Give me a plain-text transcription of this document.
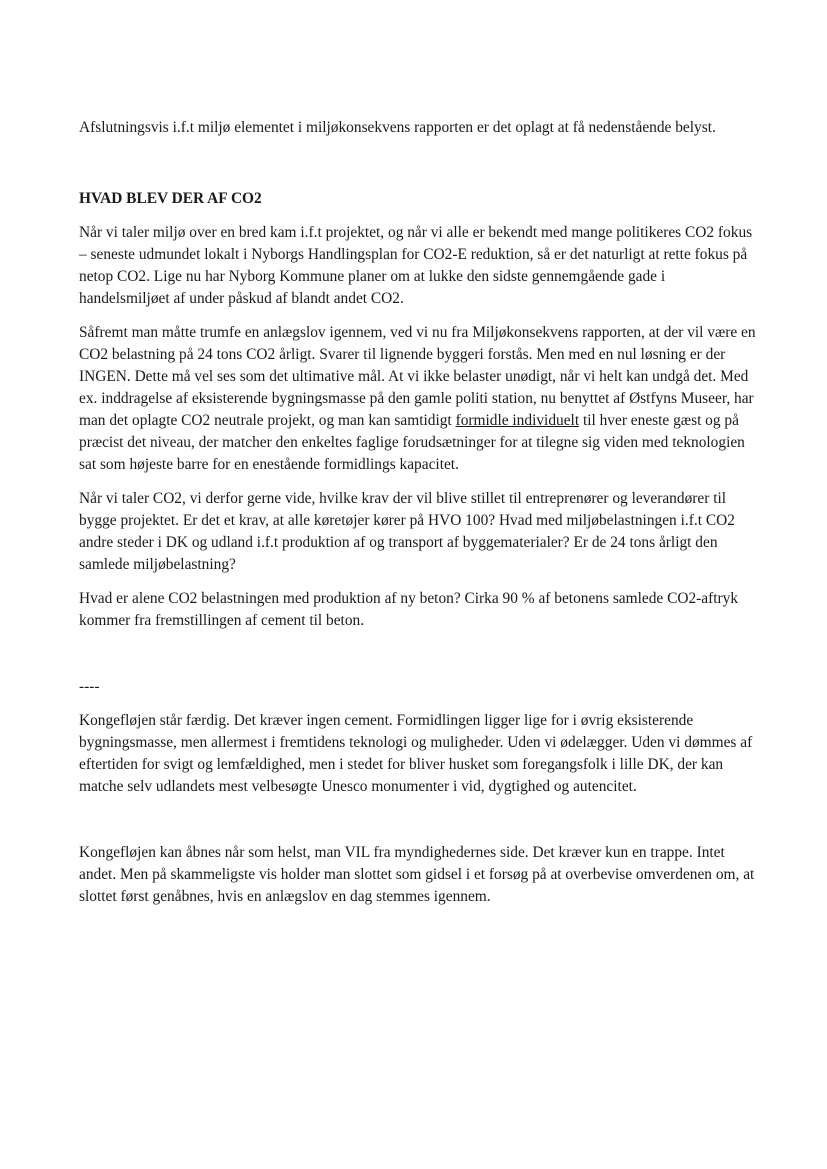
Afslutningsvis i.f.t miljø elementet i miljøkonsekvens rapporten er det oplagt at få nedenstående belyst.

HVAD BLEV DER AF CO2

Når vi taler miljø over en bred kam i.f.t projektet, og når vi alle er bekendt med mange politikeres CO2 fokus – seneste udmundet lokalt i Nyborgs Handlingsplan for CO2-E reduktion, så er det naturligt at rette fokus på netop CO2. Lige nu har Nyborg Kommune planer om at lukke den sidste gennemgående gade i handelsmiljøet af under påskud af blandt andet CO2.

Såfremt man måtte trumfe en anlægslov igennem, ved vi nu fra Miljøkonsekvens rapporten, at der vil være en CO2 belastning på 24 tons CO2 årligt. Svarer til lignende byggeri forstås. Men med en nul løsning er der INGEN. Dette må vel ses som det ultimative mål. At vi ikke belaster unødigt, når vi helt kan undgå det. Med ex. inddragelse af eksisterende bygningsmasse på den gamle politi station, nu benyttet af Østfyns Museer, har man det oplagte CO2 neutrale projekt, og man kan samtidigt formidle individuelt til hver eneste gæst og på præcist det niveau, der matcher den enkeltes faglige forudsætninger for at tilegne sig viden med teknologien sat som højeste barre for en enestående formidlings kapacitet.

Når vi taler CO2, vi derfor gerne vide, hvilke krav der vil blive stillet til entreprenører og leverandører til bygge projektet. Er det et krav, at alle køretøjer kører på HVO 100? Hvad med miljøbelastningen i.f.t CO2 andre steder i DK og udland i.f.t produktion af og transport af byggematerialer? Er de 24 tons årligt den samlede miljøbelastning?

Hvad er alene CO2 belastningen med produktion af ny beton? Cirka 90 % af betonens samlede CO2-aftryk kommer fra fremstillingen af cement til beton.

----

Kongefløjen står færdig. Det kræver ingen cement. Formidlingen ligger lige for i øvrig eksisterende bygningsmasse, men allermest i fremtidens teknologi og muligheder. Uden vi ødelægger. Uden vi dømmes af eftertiden for svigt og lemfældighed, men i stedet for bliver husket som foregangsfolk i lille DK, der kan matche selv udlandets mest velbesøgte Unesco monumenter i vid, dygtighed og autencitet.

Kongefløjen kan åbnes når som helst, man VIL fra myndighedernes side. Det kræver kun en trappe. Intet andet. Men på skammeligste vis holder man slottet som gidsel i et forsøg på at overbevise omverdenen om, at slottet først genåbnes, hvis en anlægslov en dag stemmes igennem.
